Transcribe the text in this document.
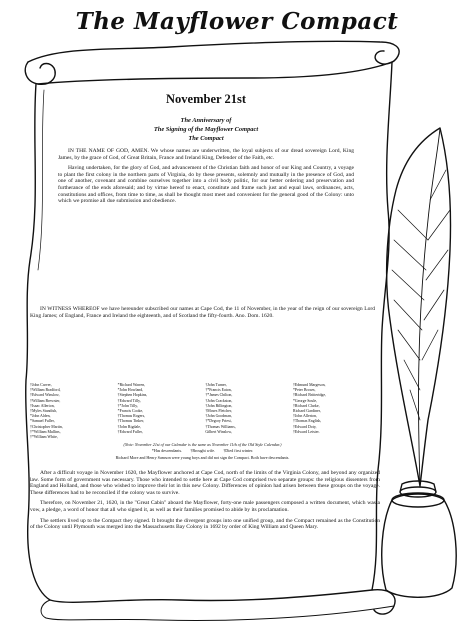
The Mayflower Compact
November 21st
The Anniversary of
The Signing of the Mayflower Compact
The Compact

IN THE NAME OF GOD, AMEN. We whose names are underwritten, the loyal subjects of our dread sovereign Lord, King James, by the grace of God, of Great Britain, France and Ireland King, Defender of the Faith, etc.

Having undertaken, for the glory of God, and advancement of the Christian faith and honor of our King and Country, a voyage to plant the first colony in the northern parts of Virginia, do by these presents, solemnly and mutually in the presence of God, and one of another, covenant and combine ourselves together into a civil body politic, for our better ordering and preservation and furtherance of the ends aforesaid; and by virtue hereof to enact, constitute and frame such just and equal laws, ordinances, acts, constitutions and offices, from time to time, as shall be thought most meet and convenient for the general good of the Colony: unto which we promise all due submission and obedience.

IN WITNESS WHEREOF we have hereunder subscribed our names at Cape Cod, the 11 of November, in the year of the reign of our sovereign Lord King James; of England, France and Ireland the eighteenth, and of Scotland the fifty-fourth. Ano. Dom. 1620.

†John Carver,
†William Bradford,
†Edward Winslow,
†William Brewster,
†Isaac Allerton,
†Myles Standish,
*John Alden,
*Samuel Fuller,
†Christopher Martin,
†*William Mullins,
†*William White,
*Richard Warren,
*John Howland,
†Stephen Hopkins,
†Edward Tilly,
†*John Tilly,
*Francis Cooke,
†Thomas Rogers,
†Thomas Tinker,
†John Rigdale,
†Edward Fuller,
†John Turner,
†*Francis Eaton,
†*James Chilton,
†John Crackston,
†John Billington,
†Moses Fletcher,
†John Goodman,
†*Degory Priest,
†Thomas Williams,
Gilbert Winslow,
†Edmund Margeson,
*Peter Brown,
†Richard Britteridge,
*George Soule,
†Richard Clarke,
Richard Gardiner,
†John Allerton,
†Thomas English,
†Edward Doty,
†Edward Leister.
(Note: November 21st of our Calendar is the same as November 11th of the Old Style Calendar.)
*Has descendants. †Brought wife. †Died first winter.
Richard More and Henry Samson were young boys and did not sign the Compact. Both have descendants.

After a difficult voyage in November 1620, the Mayflower anchored at Cape Cod, north of the limits of the Virginia Colony, and beyond any organized law. Some form of government was necessary. Those who intended to settle here at Cape Cod comprised two separate groups: the religious dissenters from England and Holland, and those who wished to improve their lot in this new Colony. Differences of opinion had arisen between these groups on the voyage. These differences had to be reconciled if the colony was to survive.

Therefore, on November 21, 1620, in the "Great Cabin" aboard the Mayflower, forty-one male passengers composed a written document, which was a vow, a pledge, a word of honor that all who signed it, as well as their families promised to abide by its proclamation.

The settlers lived up to the Compact they signed. It brought the divergent groups into one unified group, and the Compact remained as the Constitution of the Colony until Plymouth was merged into the Massachusetts Bay Colony in 1692 by order of King William and Queen Mary.
